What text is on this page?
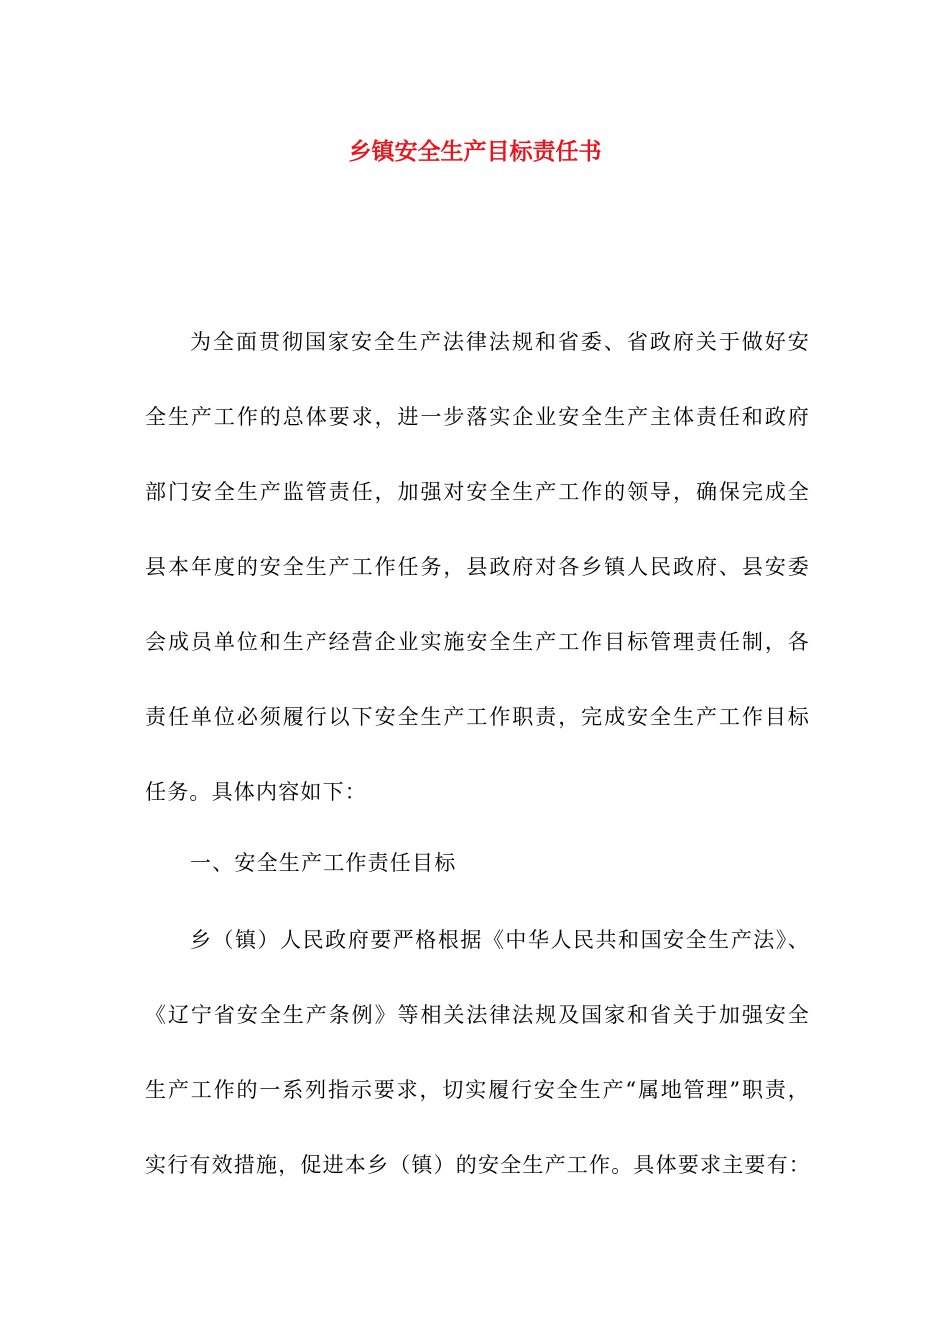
乡镇安全生产目标责任书
为全面贯彻国家安全生产法律法规和省委、省政府关于做好安
全生产工作的总体要求，进一步落实企业安全生产主体责任和政府
部门安全生产监管责任，加强对安全生产工作的领导，确保完成全
县本年度的安全生产工作任务，县政府对各乡镇人民政府、县安委
会成员单位和生产经营企业实施安全生产工作目标管理责任制，各
责任单位必须履行以下安全生产工作职责，完成安全生产工作目标
任务。具体内容如下：
一、安全生产工作责任目标
乡（镇）人民政府要严格根据《中华人民共和国安全生产法》、
《辽宁省安全生产条例》等相关法律法规及国家和省关于加强安全
生产工作的一系列指示要求，切实履行安全生产“属地管理”职责，
实行有效措施，促进本乡（镇）的安全生产工作。具体要求主要有：
